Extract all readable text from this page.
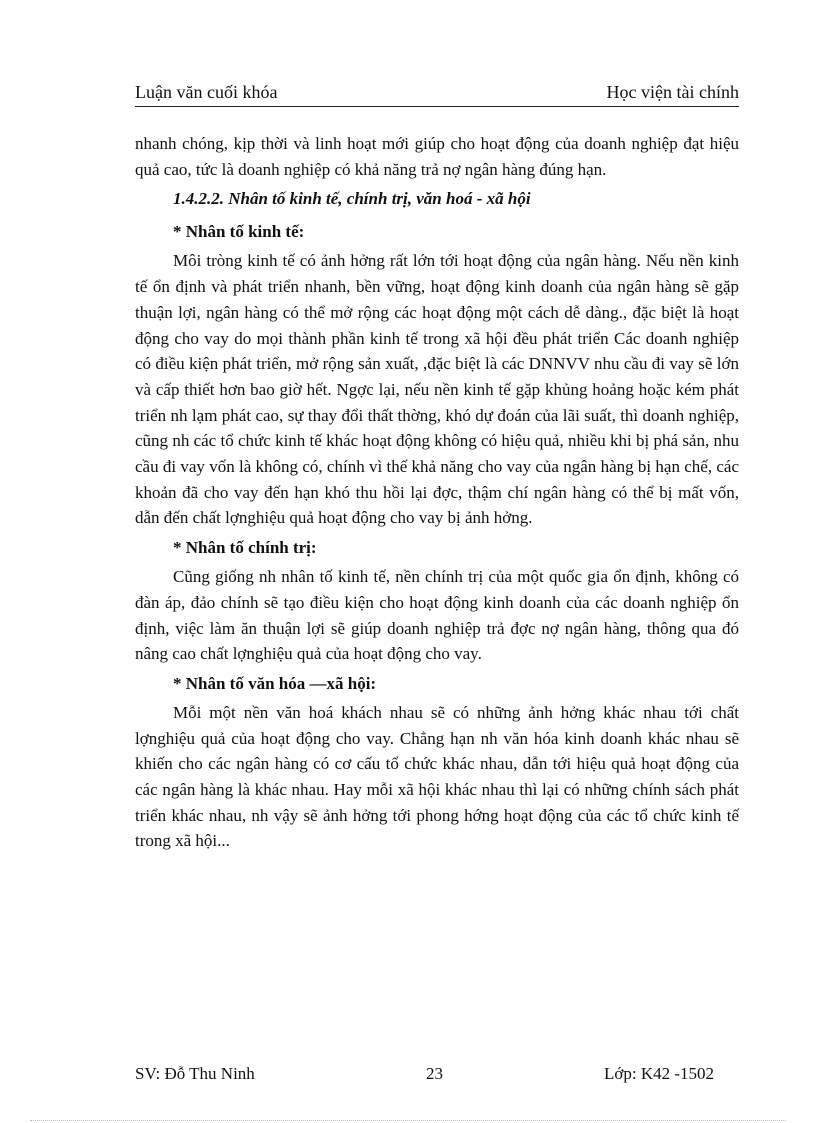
Luận văn cuối khóa	Học viện tài chính

nhanh chóng, kịp thời và linh hoạt mới giúp cho hoạt động của doanh nghiệp đạt hiệu quả cao, tức là doanh nghiệp có khả năng trả nợ ngân hàng đúng hạn.

1.4.2.2. Nhân tố kinh tế, chính trị, văn hoá - xã hội
* Nhân tố kinh tế:

Môi tròng kinh tế có ảnh hởng rất lớn tới hoạt động của ngân hàng. Nếu nền kinh tế ổn định và phát triển nhanh, bền vững, hoạt động kinh doanh của ngân hàng sẽ gặp thuận lợi, ngân hàng có thể mở rộng các hoạt động một cách dễ dàng., đặc biệt là hoạt động cho vay do mọi thành phần kinh tế trong xã hội đều phát triển Các doanh nghiệp có điều kiện phát triển, mở rộng sản xuất, ,đặc biệt là các DNNVV nhu cầu đi vay sẽ lớn và cấp thiết hơn bao giờ hết. Ngợc lại, nếu nền kinh tế gặp khủng hoảng hoặc kém phát triển nh lạm phát cao, sự thay đổi thất thờng, khó dự đoán của lãi suất, thì doanh nghiệp, cũng nh các tổ chức kinh tế khác hoạt động không có hiệu quả, nhiều khi bị phá sản, nhu cầu đi vay vốn là không có, chính vì thế khả năng cho vay của ngân hàng bị hạn chế, các khoản đã cho vay đến hạn khó thu hồi lại đợc, thậm chí ngân hàng có thể bị mất vốn, dẫn đến chất lợnghiệu quả hoạt động cho vay bị ảnh hởng.

* Nhân tố chính trị:

Cũng giống nh nhân tố kinh tế, nền chính trị của một quốc gia ổn định, không có đàn áp, đảo chính sẽ tạo điều kiện cho hoạt động kinh doanh của các doanh nghiệp ổn định, việc làm ăn thuận lợi sẽ giúp doanh nghiệp trả đợc nợ ngân hàng, thông qua đó nâng cao chất lợnghiệu quả của hoạt động cho vay.

* Nhân tố văn hóa —xã hội:

Mỗi một nền văn hoá khách nhau sẽ có những ảnh hởng khác nhau tới chất lợnghiệu quả của hoạt động cho vay. Chẳng hạn nh văn hóa kinh doanh khác nhau sẽ khiến cho các ngân hàng có cơ cấu tổ chức khác nhau, dẫn tới hiệu quả hoạt động của các ngân hàng là khác nhau. Hay mỗi xã hội khác nhau thì lại có những chính sách phát triển khác nhau, nh vậy sẽ ảnh hởng tới phong hớng hoạt động của các tổ chức kinh tế trong xã hội...

SV: Đỗ Thu Ninh	23	Lớp: K42 -1502
